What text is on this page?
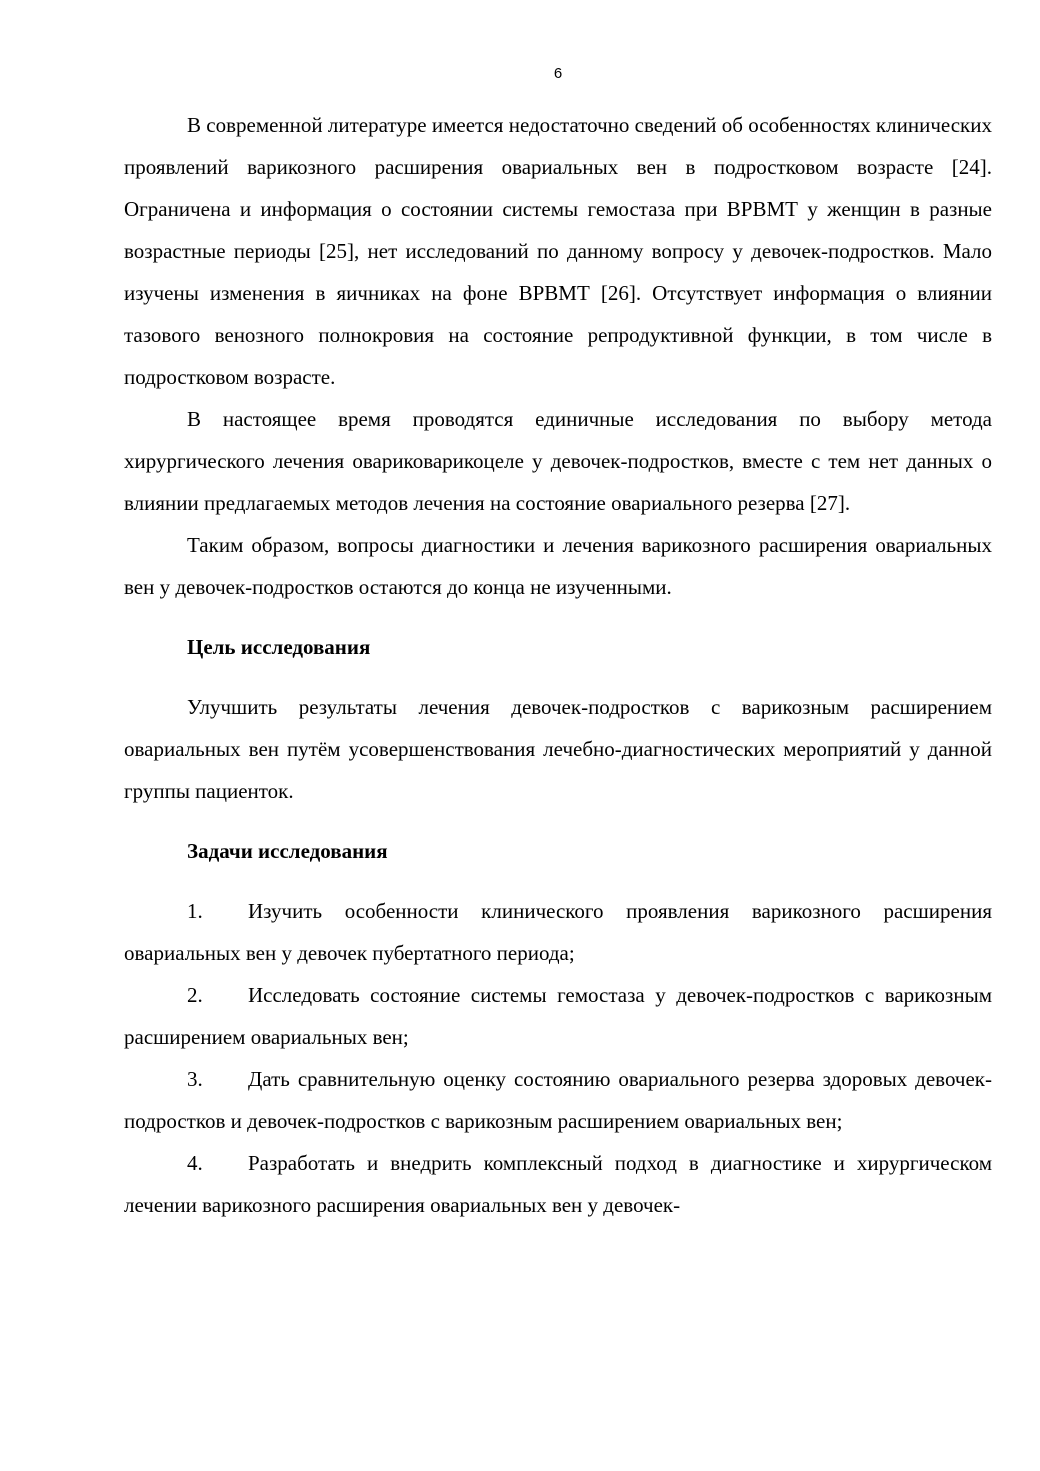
6

В современной литературе имеется недостаточно сведений об особенностях клинических проявлений варикозного расширения овариальных вен в подростковом возрасте [24]. Ограничена и информация о состоянии системы гемостаза при ВРВМТ у женщин в разные возрастные периоды [25], нет исследований по данному вопросу у девочек-подростков. Мало изучены изменения в яичниках на фоне ВРВМТ [26]. Отсутствует информация о влиянии тазового венозного полнокровия на состояние репродуктивной функции, в том числе в подростковом возрасте.

В настоящее время проводятся единичные исследования по выбору метода хирургического лечения овариковарикоцеле у девочек-подростков, вместе с тем нет данных о влиянии предлагаемых методов лечения на состояние овариального резерва [27].

Таким образом, вопросы диагностики и лечения варикозного расширения овариальных вен у девочек-подростков остаются до конца не изученными.

Цель исследования

Улучшить результаты лечения девочек-подростков с варикозным расширением овариальных вен путём усовершенствования лечебно-диагностических мероприятий у данной группы пациенток.

Задачи исследования

1. Изучить особенности клинического проявления варикозного расширения овариальных вен у девочек пубертатного периода;

2. Исследовать состояние системы гемостаза у девочек-подростков с варикозным расширением овариальных вен;

3. Дать сравнительную оценку состоянию овариального резерва здоровых девочек-подростков и девочек-подростков с варикозным расширением овариальных вен;

4. Разработать и внедрить комплексный подход в диагностике и хирургическом лечении варикозного расширения овариальных вен у девочек-
